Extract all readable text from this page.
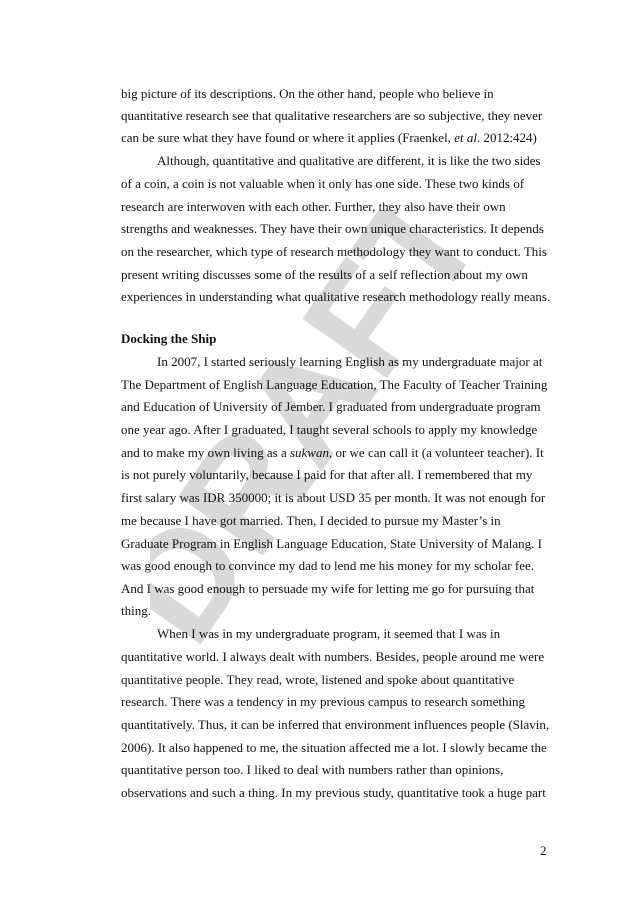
DRAFT
big picture of its descriptions. On the other hand, people who believe in
quantitative research see that qualitative researchers are so subjective, they never
can be sure what they have found or where it applies (Fraenkel, et al. 2012:424)
Although, quantitative and qualitative are different, it is like the two sides
of a coin, a coin is not valuable when it only has one side. These two kinds of
research are interwoven with each other. Further, they also have their own
strengths and weaknesses. They have their own unique characteristics. It depends
on the researcher, which type of research methodology they want to conduct. This
present writing discusses some of the results of a self reflection about my own
experiences in understanding what qualitative research methodology really means.
Docking the Ship
In 2007, I started seriously learning English as my undergraduate major at
The Department of English Language Education, The Faculty of Teacher Training
and Education of University of Jember. I graduated from undergraduate program
one year ago. After I graduated, I taught several schools to apply my knowledge
and to make my own living as a sukwan, or we can call it (a volunteer teacher). It
is not purely voluntarily, because I paid for that after all. I remembered that my
first salary was IDR 350000; it is about USD 35 per month. It was not enough for
me because I have got married. Then, I decided to pursue my Master’s in
Graduate Program in English Language Education, State University of Malang. I
was good enough to convince my dad to lend me his money for my scholar fee.
And I was good enough to persuade my wife for letting me go for pursuing that
thing.
When I was in my undergraduate program, it seemed that I was in
quantitative world. I always dealt with numbers. Besides, people around me were
quantitative people. They read, wrote, listened and spoke about quantitative
research. There was a tendency in my previous campus to research something
quantitatively. Thus, it can be inferred that environment influences people (Slavin,
2006). It also happened to me, the situation affected me a lot. I slowly became the
quantitative person too. I liked to deal with numbers rather than opinions,
observations and such a thing. In my previous study, quantitative took a huge part
2
